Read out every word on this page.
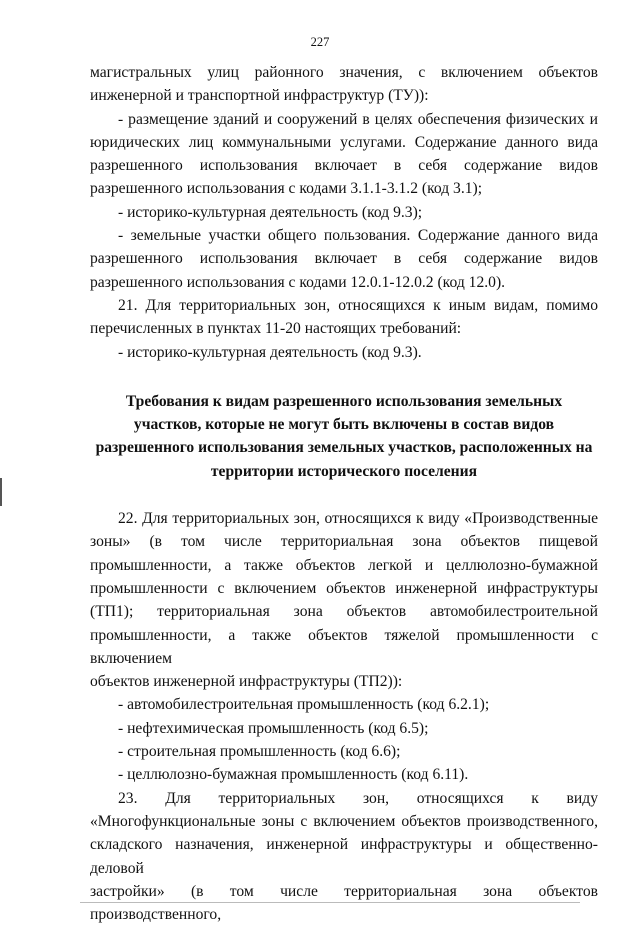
227
магистральных улиц районного значения, с включением объектов
инженерной и транспортной инфраструктур (ТУ)):
- размещение зданий и сооружений в целях обеспечения физических и
юридических лиц коммунальными услугами. Содержание данного вида
разрешенного использования включает в себя содержание видов
разрешенного использования с кодами 3.1.1-3.1.2 (код 3.1);
- историко-культурная деятельность (код 9.3);
- земельные участки общего пользования. Содержание данного вида
разрешенного использования включает в себя содержание видов
разрешенного использования с кодами 12.0.1-12.0.2 (код 12.0).
21. Для территориальных зон, относящихся к иным видам, помимо
перечисленных в пунктах 11-20 настоящих требований:
- историко-культурная деятельность (код 9.3).
Требования к видам разрешенного использования земельных
участков, которые не могут быть включены в состав видов
разрешенного использования земельных участков, расположенных на
территории исторического поселения
22. Для территориальных зон, относящихся к виду «Производственные
зоны» (в том числе территориальная зона объектов пищевой
промышленности, а также объектов легкой и целлюлозно-бумажной
промышленности с включением объектов инженерной инфраструктуры
(ТП1); территориальная зона объектов автомобилестроительной
промышленности, а также объектов тяжелой промышленности с включением
объектов инженерной инфраструктуры (ТП2)):
- автомобилестроительная промышленность (код 6.2.1);
- нефтехимическая промышленность (код 6.5);
- строительная промышленность (код 6.6);
- целлюлозно-бумажная промышленность (код 6.11).
23. Для территориальных зон, относящихся к виду
«Многофункциональные зоны с включением объектов производственного,
складского назначения, инженерной инфраструктуры и общественно-деловой
застройки» (в том числе территориальная зона объектов производственного,
